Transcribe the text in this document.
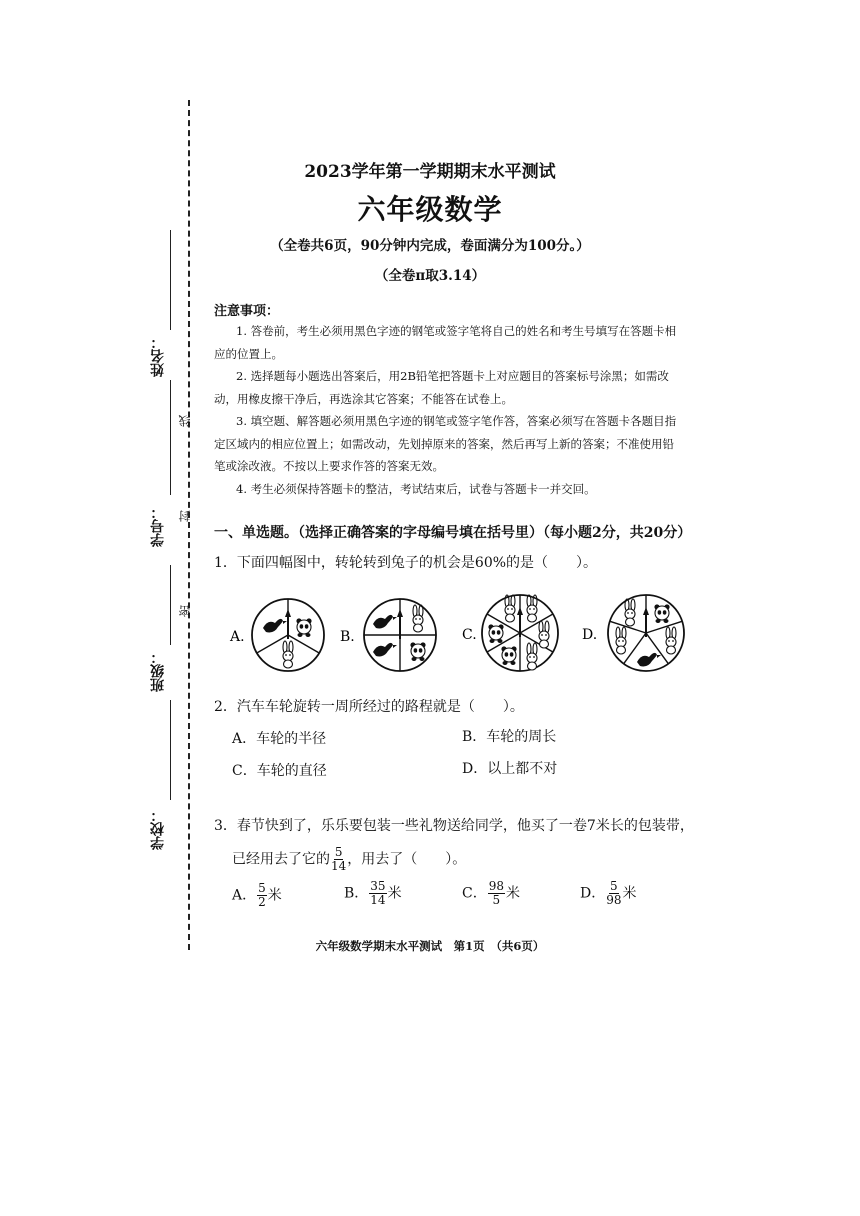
姓名：
学号：
班级：
学校：
线
封
密
2023学年第一学期期末水平测试
六年级数学
（全卷共6页，90分钟内完成，卷面满分为100分。）
（全卷π取3.14）
注意事项：

1. 答卷前，考生必须用黑色字迹的钢笔或签字笔将自己的姓名和考生号填写在答题卡相应的位置上。

2. 选择题每小题选出答案后，用2B铅笔把答题卡上对应题目的答案标号涂黑；如需改动，用橡皮擦干净后，再选涂其它答案；不能答在试卷上。

3. 填空题、解答题必须用黑色字迹的钢笔或签字笔作答，答案必须写在答题卡各题目指定区域内的相应位置上；如需改动，先划掉原来的答案，然后再写上新的答案；不准使用铅笔或涂改液。不按以上要求作答的答案无效。

4. 考生必须保持答题卡的整洁，考试结束后，试卷与答题卡一并交回。

一、单选题。（选择正确答案的字母编号填在括号里）（每小题2分，共20分）
1．下面四幅图中，转轮转到兔子的机会是60%的是（　　）。
A.	B.	C.	D.
2．汽车车轮旋转一周所经过的路程就是（　　）。
A．车轮的半径	B．车轮的周长
C．车轮的直径	D．以上都不对
3．春节快到了，乐乐要包装一些礼物送给同学，他买了一卷7米长的包装带，
已经用去了它的 $\frac{5}{14}$ ，用去了（　　）。
A． $\frac{5}{2}$ 米	B． $\frac{35}{14}$ 米	C． $\frac{98}{5}$ 米	D． $\frac{5}{98}$ 米
六年级数学期末水平测试　第1页　（共6页）
